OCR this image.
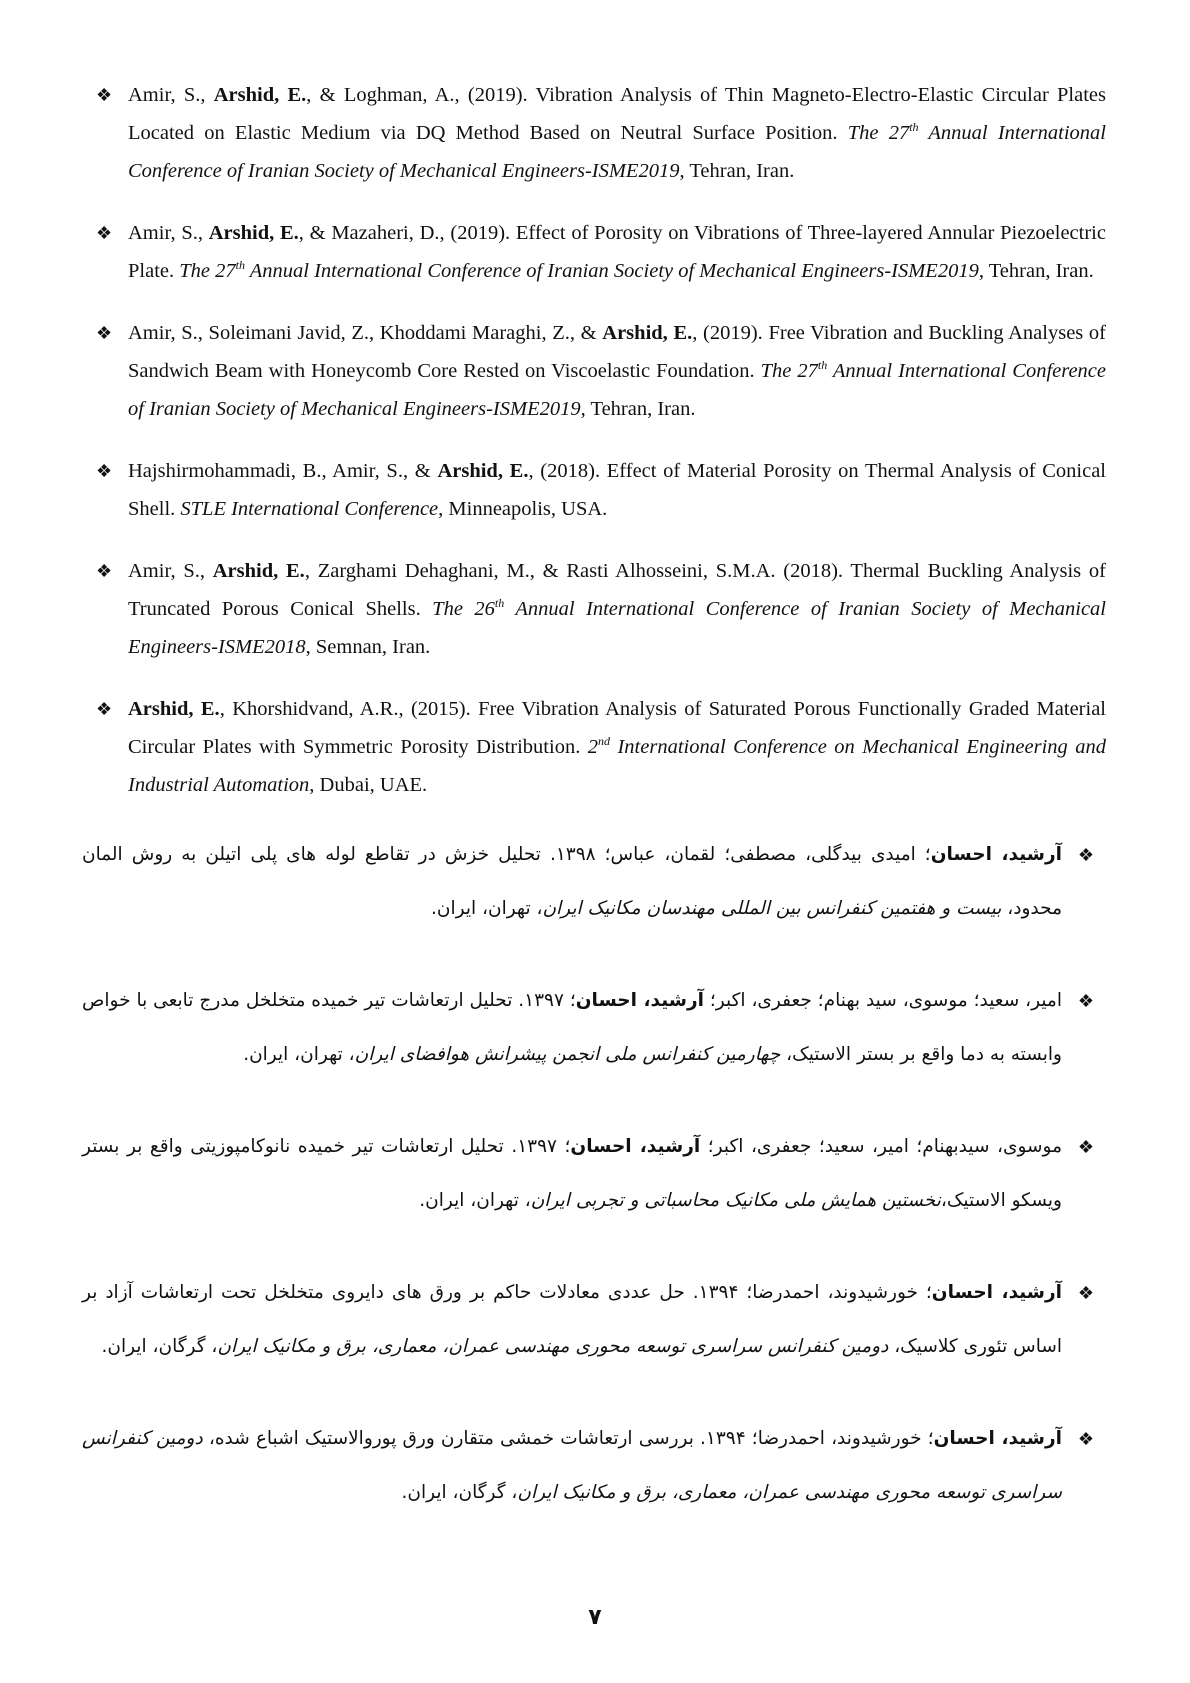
❖ Amir, S., Arshid, E., & Loghman, A., (2019). Vibration Analysis of Thin Magneto-Electro-Elastic Circular Plates Located on Elastic Medium via DQ Method Based on Neutral Surface Position. The 27th Annual International Conference of Iranian Society of Mechanical Engineers-ISME2019, Tehran, Iran.
❖ Amir, S., Arshid, E., & Mazaheri, D., (2019). Effect of Porosity on Vibrations of Three-layered Annular Piezoelectric Plate. The 27th Annual International Conference of Iranian Society of Mechanical Engineers-ISME2019, Tehran, Iran.
❖ Amir, S., Soleimani Javid, Z., Khoddami Maraghi, Z., & Arshid, E., (2019). Free Vibration and Buckling Analyses of Sandwich Beam with Honeycomb Core Rested on Viscoelastic Foundation. The 27th Annual International Conference of Iranian Society of Mechanical Engineers-ISME2019, Tehran, Iran.
❖ Hajshirmohammadi, B., Amir, S., & Arshid, E., (2018). Effect of Material Porosity on Thermal Analysis of Conical Shell. STLE International Conference, Minneapolis, USA.
❖ Amir, S., Arshid, E., Zarghami Dehaghani, M., & Rasti Alhosseini, S.M.A. (2018). Thermal Buckling Analysis of Truncated Porous Conical Shells. The 26th Annual International Conference of Iranian Society of Mechanical Engineers-ISME2018, Semnan, Iran.
❖ Arshid, E., Khorshidvand, A.R., (2015). Free Vibration Analysis of Saturated Porous Functionally Graded Material Circular Plates with Symmetric Porosity Distribution. 2nd International Conference on Mechanical Engineering and Industrial Automation, Dubai, UAE.
❖
آرشید، احسان؛ امیدی بیدگلی، مصطفی؛ لقمان، عباس؛ ۱۳۹۸. تحلیل خزش در تقاطع لوله های پلی اتیلن به روش المان محدود، بیست و هفتمین کنفرانس بین المللی مهندسان مکانیک ایران، تهران، ایران.
❖
امیر، سعید؛ موسوی، سید بهنام؛ جعفری، اکبر؛ آرشید، احسان؛ ۱۳۹۷. تحلیل ارتعاشات تیر خمیده متخلخل مدرج تابعی با خواص وابسته به دما واقع بر بستر الاستیک، چهارمین کنفرانس ملی انجمن پیشرانش هوافضای ایران، تهران، ایران.
❖
موسوی، سیدبهنام؛ امیر، سعید؛ جعفری، اکبر؛ آرشید، احسان؛ ۱۳۹۷. تحلیل ارتعاشات تیر خمیده نانوکامپوزیتی واقع بر بستر ویسکو الاستیک،نخستین همایش ملی مکانیک محاسباتی و تجربی ایران، تهران، ایران.
❖
آرشید، احسان؛ خورشیدوند، احمدرضا؛ ۱۳۹۴. حل عددی معادلات حاکم بر ورق های دایروی متخلخل تحت ارتعاشات آزاد بر اساس تئوری کلاسیک، دومین کنفرانس سراسری توسعه محوری مهندسی عمران، معماری، برق و مکانیک ایران، گرگان، ایران.
❖
آرشید، احسان؛ خورشیدوند، احمدرضا؛ ۱۳۹۴. بررسی ارتعاشات خمشی متقارن ورق پوروالاستیک اشباع شده، دومین کنفرانس سراسری توسعه محوری مهندسی عمران، معماری، برق و مکانیک ایران، گرگان، ایران.
۷
